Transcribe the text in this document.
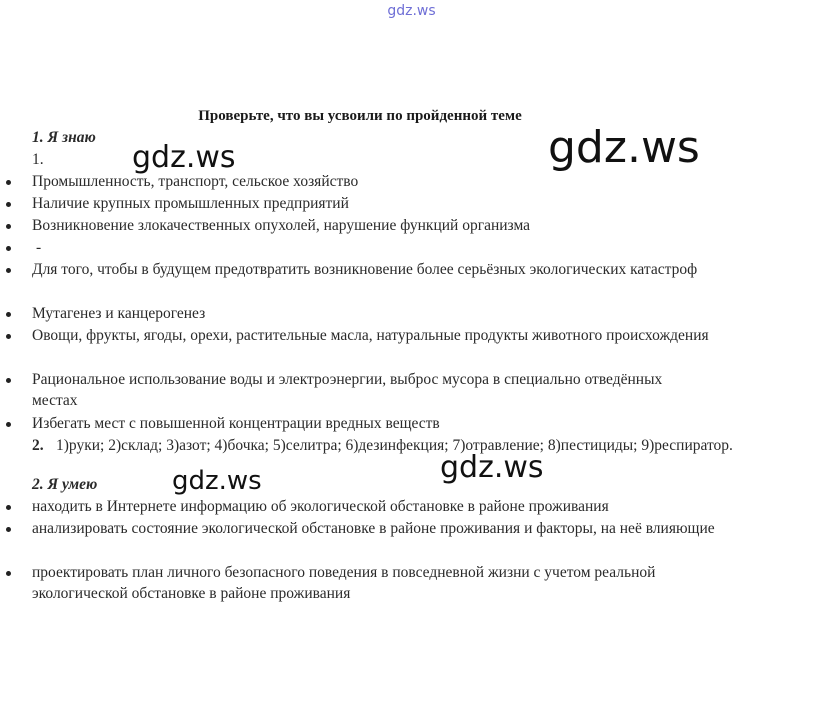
gdz.ws
Проверьте, что вы усвоили по пройденной теме
1. Я знаю
1.
Промышленность, транспорт, сельское хозяйство
Наличие крупных промышленных предприятий
Возникновение злокачественных опухолей, нарушение функций организма
-
Для того, чтобы в будущем предотвратить возникновение более серьёзных экологических катастроф
Мутагенез и канцерогенез
Овощи, фрукты, ягоды, орехи, растительные масла, натуральные продукты животного происхождения
Рациональное использование воды и электроэнергии, выброс мусора в специально отведённых местах
Избегать мест с повышенной концентрации вредных веществ
2. 1)руки; 2)склад; 3)азот; 4)бочка; 5)селитра; 6)дезинфекция; 7)отравление; 8)пестициды; 9)респиратор.
2. Я умею
находить в Интернете информацию об экологической обстановке в районе проживания
анализировать состояние экологической обстановке в районе проживания и факторы, на неё влияющие
проектировать план личного безопасного поведения в повседневной жизни с учетом реальной экологической обстановке в районе проживания
gdz.ws	gdz.ws
gdz.ws
gdz.ws
